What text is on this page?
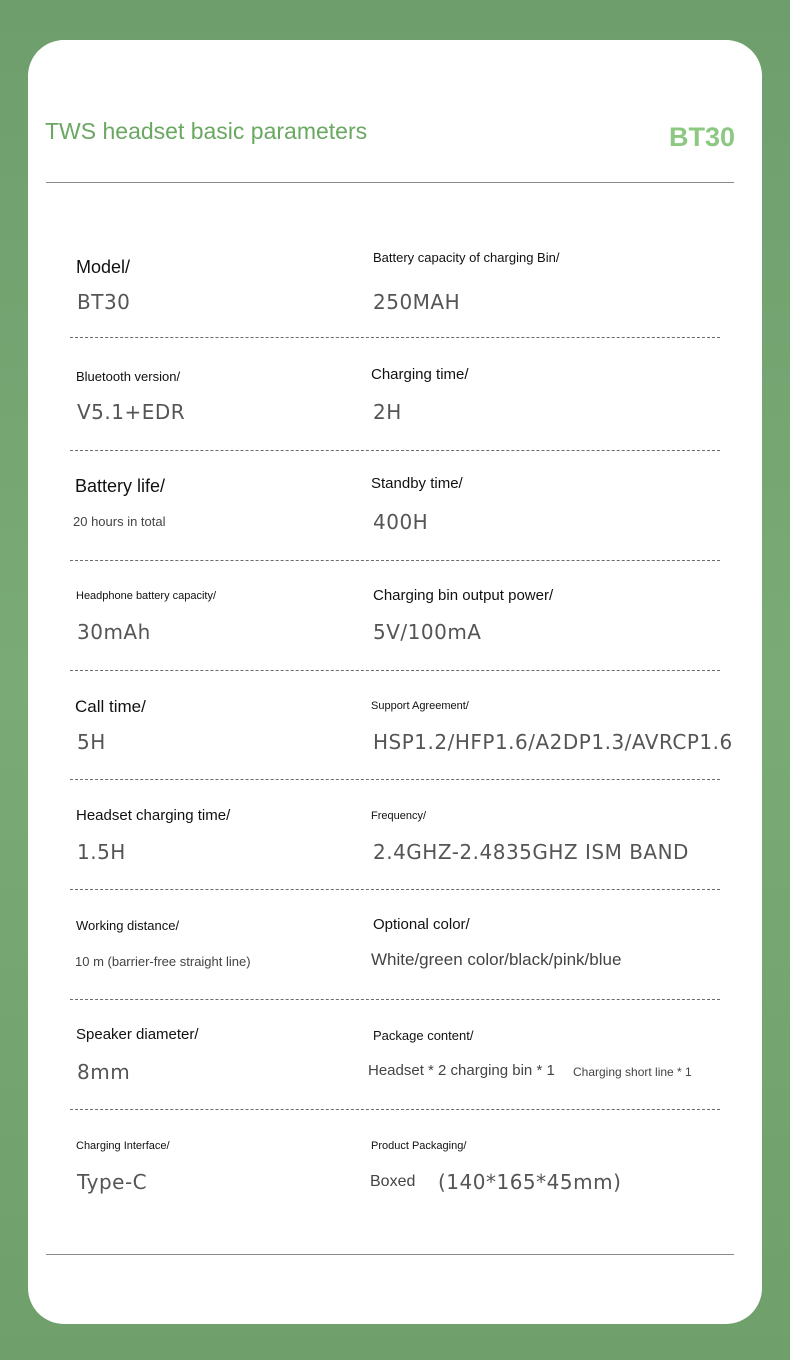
TWS headset basic parameters	BT30
Model/
BT30
Battery capacity of charging Bin/
250MAH
Bluetooth version/
V5.1+EDR
Charging time/
2H
Battery life/
20 hours in total
Standby time/
400H
Headphone battery capacity/
30mAh
Charging bin output power/
5V/100mA
Call time/
5H
Support Agreement/
HSP1.2/HFP1.6/A2DP1.3/AVRCP1.6
Headset charging time/
1.5H
Frequency/
2.4GHZ-2.4835GHZ ISM BAND
Working distance/
10 m (barrier-free straight line)
Optional color/
White/green color/black/pink/blue
Speaker diameter/
8mm
Package content/
Headset * 2 charging bin * 1 Charging short line * 1
Charging Interface/
Type-C
Product Packaging/
Boxed (140*165*45mm)
